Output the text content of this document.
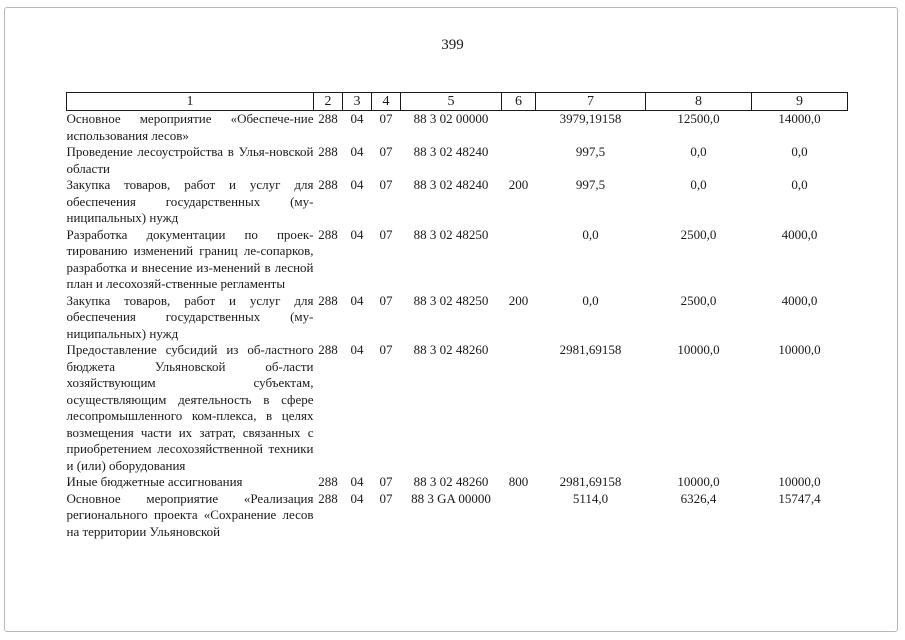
399
1	2	3	4	5	6	7	8	9
Основное мероприятие «Обеспече-ние использования лесов»	288	04	07	88 3 02 00000		3979,19158	12500,0	14000,0
Проведение лесоустройства в Улья-новской области	288	04	07	88 3 02 48240		997,5	0,0	0,0
Закупка товаров, работ и услуг для обеспечения государственных (му-ниципальных) нужд	288	04	07	88 3 02 48240	200	997,5	0,0	0,0
Разработка документации по проек-тированию изменений границ ле-сопарков, разработка и внесение из-менений в лесной план и лесохозяй-ственные регламенты	288	04	07	88 3 02 48250		0,0	2500,0	4000,0
Закупка товаров, работ и услуг для обеспечения государственных (му-ниципальных) нужд	288	04	07	88 3 02 48250	200	0,0	2500,0	4000,0
Предоставление субсидий из об-ластного бюджета Ульяновской об-ласти хозяйствующим субъектам, осуществляющим деятельность в сфере лесопромышленного ком-плекса, в целях возмещения части их затрат, связанных с приобретением лесохозяйственной техники и (или) оборудования	288	04	07	88 3 02 48260		2981,69158	10000,0	10000,0
Иные бюджетные ассигнования	288	04	07	88 3 02 48260	800	2981,69158	10000,0	10000,0
Основное мероприятие «Реализация регионального проекта «Сохранение лесов на территории Ульяновской	288	04	07	88 3 GA 00000		5114,0	6326,4	15747,4
